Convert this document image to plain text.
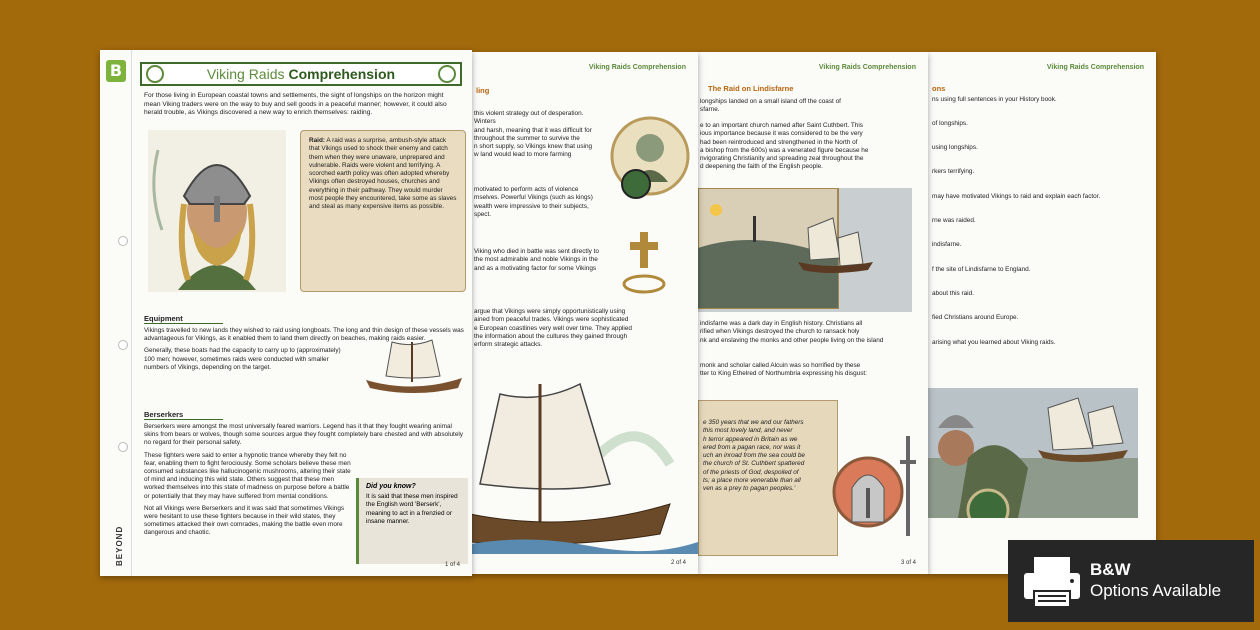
Viking Raids Comprehension
ons
ns using full sentences in your History book.
of longships.
using longships.
rkers terrifying.
may have motivated Vikings to raid and explain each factor.
rne was raided.
indisfarne.
f the site of Lindisfarne to England.
about this raid.
fied Christians around Europe.
arising what you learned about Viking raids.
Viking Raids Comprehension
The Raid on Lindisfarne
longships landed on a small island off the coast of
sfarne.
e to an important church named after Saint Cuthbert. This
ious importance because it was considered to be the very
had been reintroduced and strengthened in the North of
a bishop from the 600s) was a venerated figure because he
nvigorating Christianity and spreading zeal throughout the
d deepening the faith of the English people.
indisfarne was a dark day in English history. Christians all
rified when Vikings destroyed the church to ransack holy
nk and enslaving the monks and other people living on the island
monk and scholar called Alcuin was so horrified by these
tter to King Ethelred of Northumbria expressing his disgust:
e 350 years that we and our fathers
this most lovely land, and never
h terror appeared in Britain as we
ered from a pagan race, nor was it
uch an inroad from the sea could be
the church of St. Cuthbert spattered
of the priests of God, despoiled of
ts; a place more venerable than all
ven as a prey to pagan peoples.'
3 of 4
Viking Raids Comprehension
ling
this violent strategy out of desperation. Winters
and harsh, meaning that it was difficult for
throughout the summer to survive the
n short supply, so Vikings knew that using
w land would lead to more farming
motivated to perform acts of violence
mselves. Powerful Vikings (such as kings)
wealth were impressive to their subjects,
spect.
Viking who died in battle was sent directly to
the most admirable and noble Vikings in the
and as a motivating factor for some Vikings
argue that Vikings were simply opportunistically using
ained from peaceful trades. Vikings were sophisticated
e European coastlines very well over time. They applied
the information about the cultures they gained through
erform strategic attacks.
2 of 4
B
BEYOND
Viking Raids Comprehension
For those living in European coastal towns and settlements, the sight of longships on the horizon might mean Viking traders were on the way to buy and sell goods in a peaceful manner; however, it could also herald trouble, as Vikings discovered a new way to enrich themselves: raiding.

Raid: A raid was a surprise, ambush-style attack that Vikings used to shock their enemy and catch them when they were unaware, unprepared and vulnerable. Raids were violent and terrifying. A scorched earth policy was often adopted whereby Vikings often destroyed houses, churches and everything in their pathway. They would murder most people they encountered, take some as slaves and steal as many expensive items as possible.

Equipment
Vikings travelled to new lands they wished to raid using longboats. The long and thin design of these vessels was advantageous for Vikings, as it enabled them to land them directly on beaches, making raids easier.
Generally, these boats had the capacity to carry up to (approximately) 100 men; however, sometimes raids were conducted with smaller numbers of Vikings, depending on the target.
Berserkers
Berserkers were amongst the most universally feared warriors. Legend has it that they fought wearing animal skins from bears or wolves, though some sources argue they fought completely bare chested and with absolutely no regard for their personal safety.
These fighters were said to enter a hypnotic trance whereby they felt no fear, enabling them to fight ferociously. Some scholars believe these men consumed substances like hallucinogenic mushrooms, altering their state of mind and inducing this wild state. Others suggest that these men worked themselves into this state of madness on purpose before a battle or potentially that they may have suffered from mental conditions.
Not all Vikings were Berserkers and it was said that sometimes Vikings were hesitant to use these fighters because in their wild states, they sometimes attacked their own comrades, making the battle even more dangerous and chaotic.
Did you know?
It is said that these men inspired the English word 'Berserk', meaning to act in a frenzied or insane manner.
1 of 4	B&W
Options Available
